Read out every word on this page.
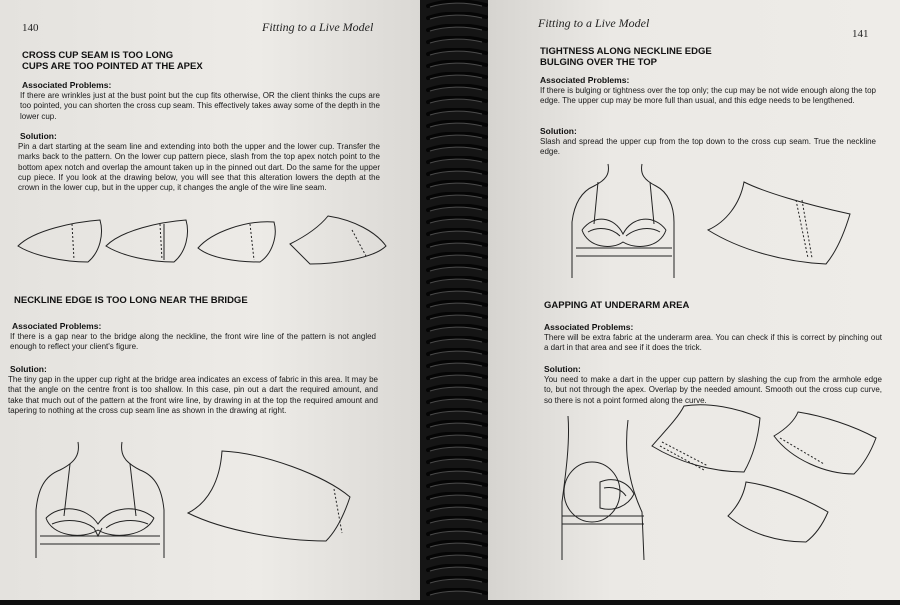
140	Fitting to a Live Model
CROSS CUP SEAM IS TOO LONG
CUPS ARE TOO POINTED AT THE APEX
Associated Problems:
If there are wrinkles just at the bust point but the cup fits otherwise, OR the client thinks the cups are too pointed, you can shorten the cross cup seam. This effectively takes away some of the depth in the lower cup.
Solution:
Pin a dart starting at the seam line and extending into both the upper and the lower cup. Transfer the marks back to the pattern. On the lower cup pattern piece, slash from the top apex notch point to the bottom apex notch and overlap the amount taken up in the pinned out dart. Do the same for the upper cup piece. If you look at the drawing below, you will see that this alteration lowers the depth at the crown in the lower cup, but in the upper cup, it changes the angle of the wire line seam.
NECKLINE EDGE IS TOO LONG NEAR THE BRIDGE
Associated Problems:
If there is a gap near to the bridge along the neckline, the front wire line of the pattern is not angled enough to reflect your client's figure.
Solution:
The tiny gap in the upper cup right at the bridge area indicates an excess of fabric in this area. It may be that the angle on the centre front is too shallow. In this case, pin out a dart the required amount, and take that much out of the pattern at the front wire line, by drawing in at the top the required amount and tapering to nothing at the cross cup seam line as shown in the drawing at right.
Fitting to a Live Model
141
TIGHTNESS ALONG NECKLINE EDGE
BULGING OVER THE TOP
Associated Problems:
If there is bulging or tightness over the top only; the cup may be not wide enough along the top edge. The upper cup may be more full than usual, and this edge needs to be lengthened.
Solution:
Slash and spread the upper cup from the top down to the cross cup seam. True the neckline edge.
GAPPING AT UNDERARM AREA
Associated Problems:
There will be extra fabric at the underarm area. You can check if this is correct by pinching out a dart in that area and see if it does the trick.
Solution:
You need to make a dart in the upper cup pattern by slashing the cup from the armhole edge to, but not through the apex. Overlap by the needed amount. Smooth out the cross cup curve, so there is not a point formed along the curve.
